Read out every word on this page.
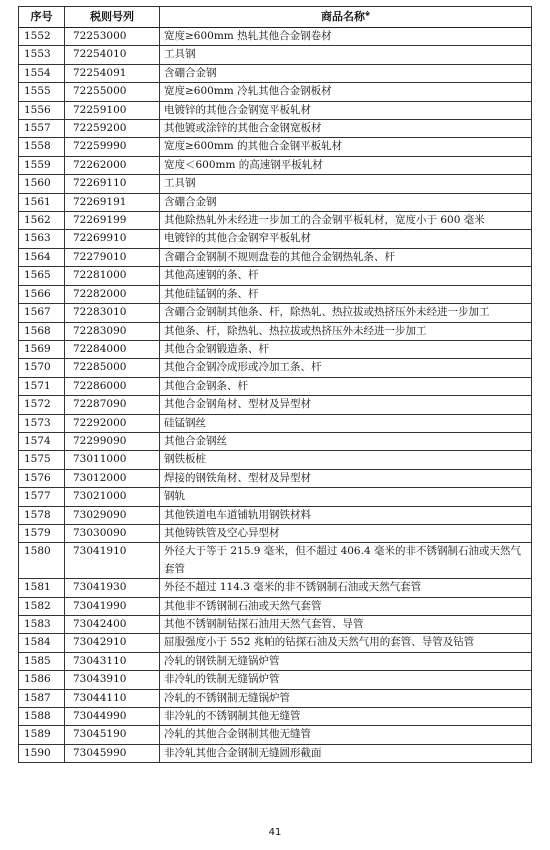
序号	税则号列	商品名称※
1552	72253000	宽度≥600mm 热轧其他合金钢卷材
1553	72254010	工具钢
1554	72254091	含硼合金钢
1555	72255000	宽度≥600mm 冷轧其他合金钢板材
1556	72259100	电镀锌的其他合金钢宽平板轧材
1557	72259200	其他镀或涂锌的其他合金钢宽板材
1558	72259990	宽度≥600mm 的其他合金钢平板轧材
1559	72262000	宽度＜600mm 的高速钢平板轧材
1560	72269110	工具钢
1561	72269191	含硼合金钢
1562	72269199	其他除热轧外未经进一步加工的合金钢平板轧材，宽度小于 600 毫米
1563	72269910	电镀锌的其他合金钢窄平板轧材
1564	72279010	含硼合金钢制不规则盘卷的其他合金钢热轧条、杆
1565	72281000	其他高速钢的条、杆
1566	72282000	其他硅锰钢的条、杆
1567	72283010	含硼合金钢制其他条、杆，除热轧、热拉拔或热挤压外未经进一步加工
1568	72283090	其他条、杆，除热轧、热拉拔或热挤压外未经进一步加工
1569	72284000	其他合金钢锻造条、杆
1570	72285000	其他合金钢冷成形或冷加工条、杆
1571	72286000	其他合金钢条、杆
1572	72287090	其他合金钢角材、型材及异型材
1573	72292000	硅锰钢丝
1574	72299090	其他合金钢丝
1575	73011000	钢铁板桩
1576	73012000	焊接的钢铁角材、型材及异型材
1577	73021000	钢轨
1578	73029090	其他铁道电车道铺轨用钢铁材料
1579	73030090	其他铸铁管及空心异型材
1580	73041910	外径大于等于 215.9 毫米，但不超过 406.4 毫米的非不锈钢制石油或天然气套管
1581	73041930	外径不超过 114.3 毫米的非不锈钢制石油或天然气套管
1582	73041990	其他非不锈钢制石油或天然气套管
1583	73042400	其他不锈钢制钻探石油用天然气套管、导管
1584	73042910	屈服强度小于 552 兆帕的钻探石油及天然气用的套管、导管及钻管
1585	73043110	冷轧的钢铁制无缝锅炉管
1586	73043910	非冷轧的铁制无缝锅炉管
1587	73044110	冷轧的不锈钢制无缝锅炉管
1588	73044990	非冷轧的不锈钢制其他无缝管
1589	73045190	冷轧的其他合金钢制其他无缝管
1590	73045990	非冷轧其他合金钢制无缝圆形截面
41
